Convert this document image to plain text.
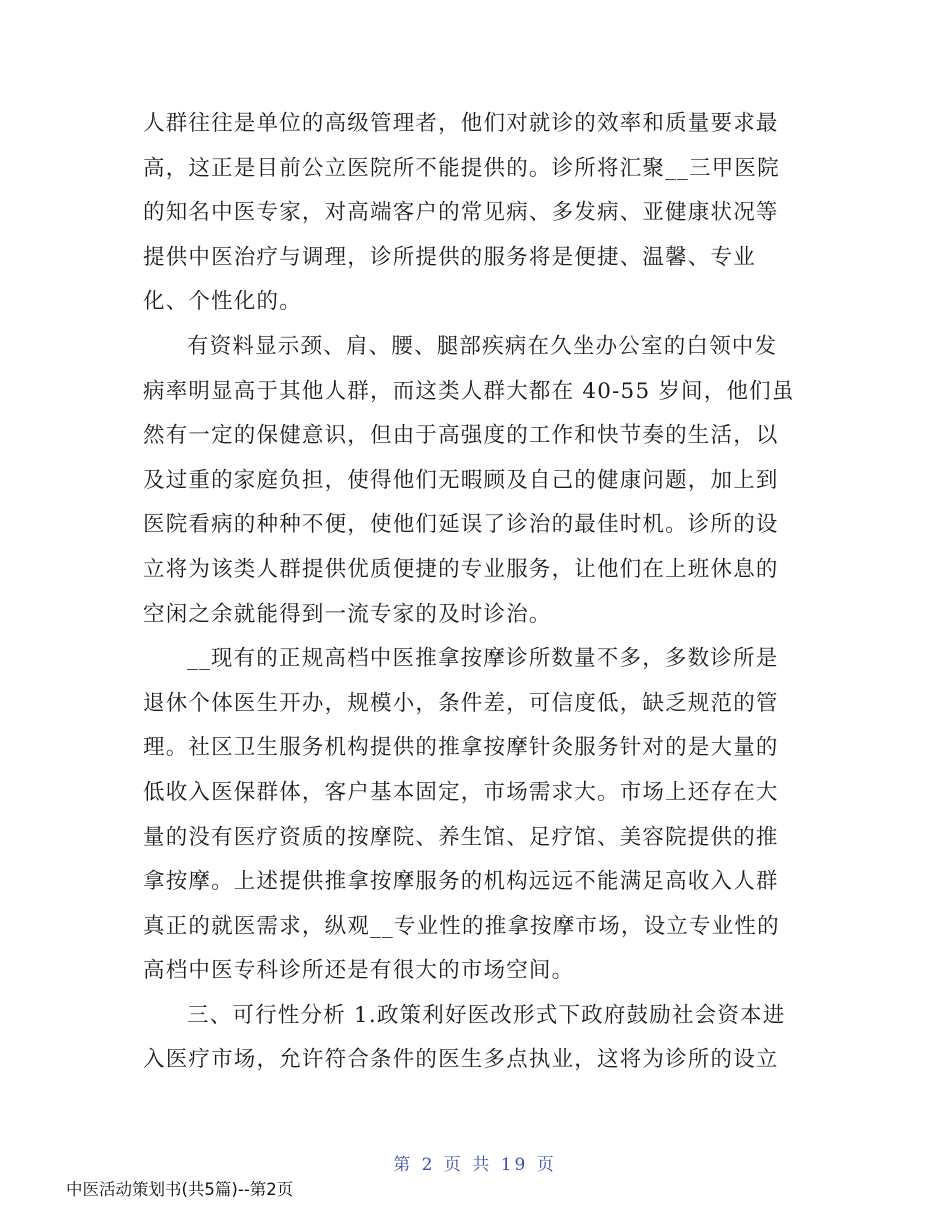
人群往往是单位的高级管理者，他们对就诊的效率和质量要求最
高，这正是目前公立医院所不能提供的。诊所将汇聚__三甲医院
的知名中医专家，对高端客户的常见病、多发病、亚健康状况等
提供中医治疗与调理，诊所提供的服务将是便捷、温馨、专业
化、个性化的。
有资料显示颈、肩、腰、腿部疾病在久坐办公室的白领中发
病率明显高于其他人群，而这类人群大都在 40-55 岁间，他们虽
然有一定的保健意识，但由于高强度的工作和快节奏的生活，以
及过重的家庭负担，使得他们无暇顾及自己的健康问题，加上到
医院看病的种种不便，使他们延误了诊治的最佳时机。诊所的设
立将为该类人群提供优质便捷的专业服务，让他们在上班休息的
空闲之余就能得到一流专家的及时诊治。
__现有的正规高档中医推拿按摩诊所数量不多，多数诊所是
退休个体医生开办，规模小，条件差，可信度低，缺乏规范的管
理。社区卫生服务机构提供的推拿按摩针灸服务针对的是大量的
低收入医保群体，客户基本固定，市场需求大。市场上还存在大
量的没有医疗资质的按摩院、养生馆、足疗馆、美容院提供的推
拿按摩。上述提供推拿按摩服务的机构远远不能满足高收入人群
真正的就医需求，纵观__专业性的推拿按摩市场，设立专业性的
高档中医专科诊所还是有很大的市场空间。
三、可行性分析 1.政策利好医改形式下政府鼓励社会资本进
入医疗市场，允许符合条件的医生多点执业，这将为诊所的设立
第 2 页 共 19 页
中医活动策划书(共5篇)--第2页
